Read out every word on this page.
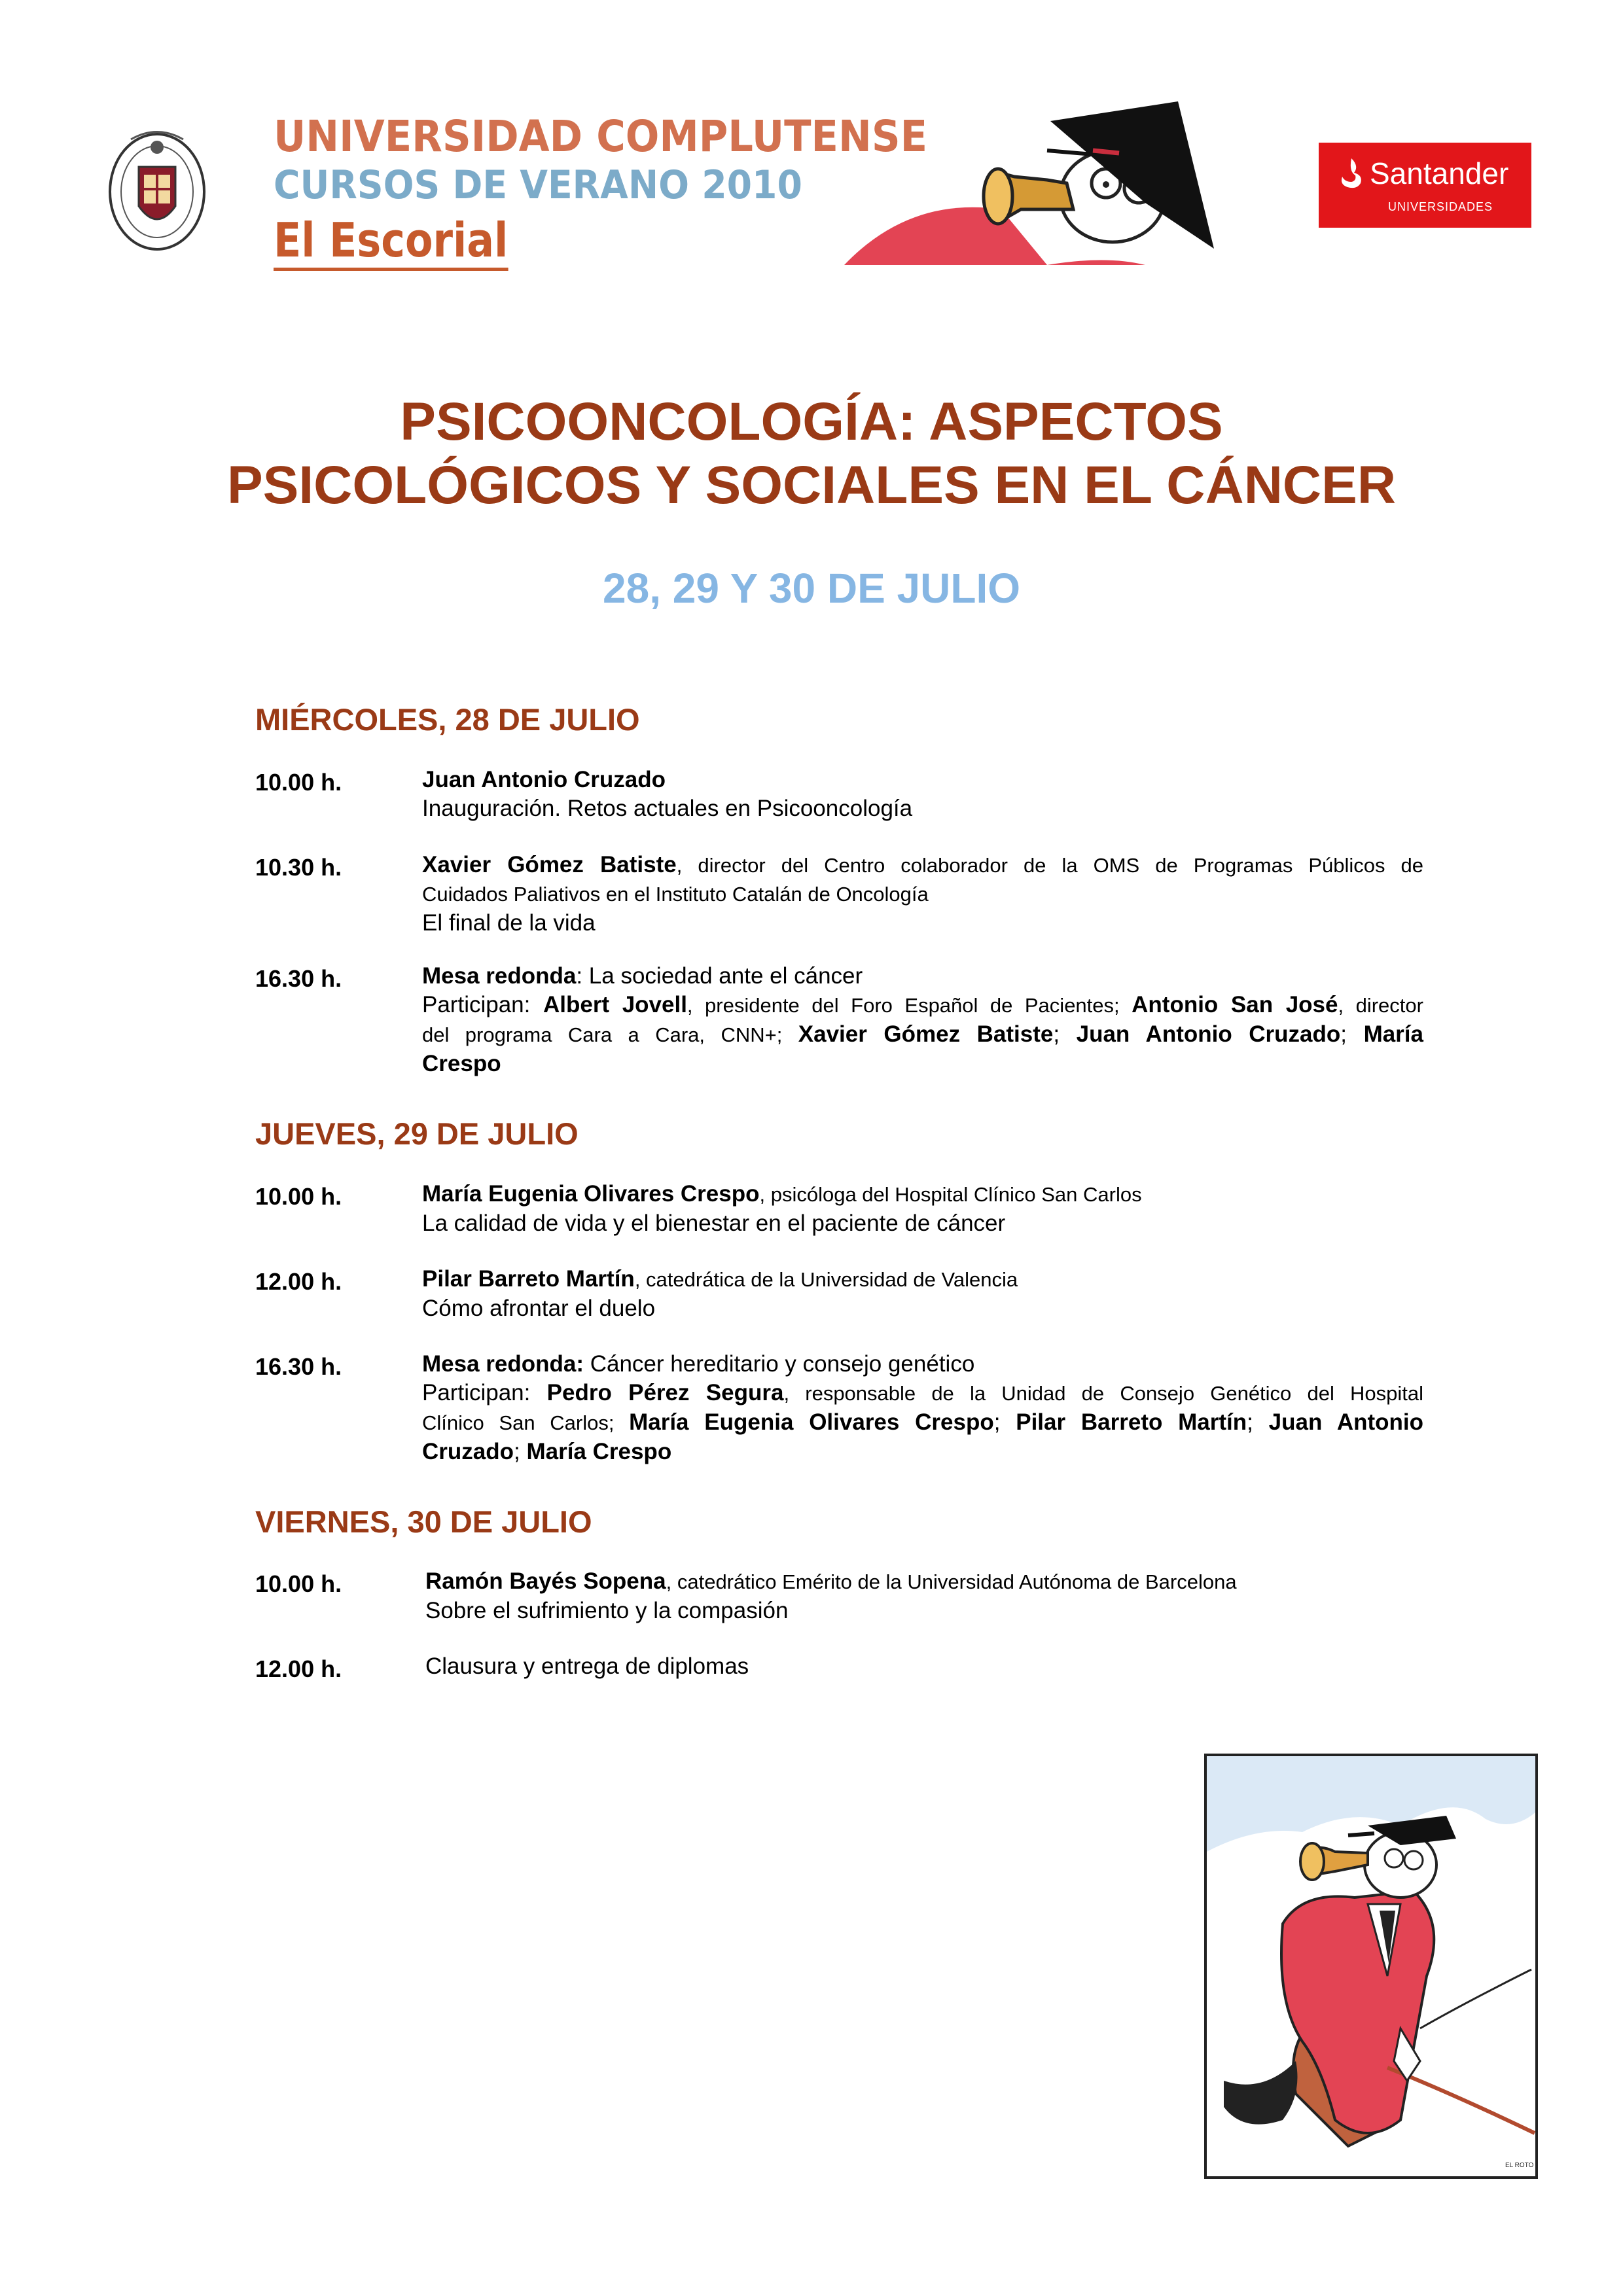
UNIVERSIDAD COMPLUTENSE
CURSOS DE VERANO 2010
El Escorial
Santander
UNIVERSIDADES
PSICOONCOLOGÍA: ASPECTOS
PSICOLÓGICOS Y SOCIALES EN EL CÁNCER
28, 29 Y 30 DE JULIO
MIÉRCOLES, 28 DE JULIO
10.00 h.	Juan Antonio Cruzado
Inauguración. Retos actuales en Psicooncología
10.30 h.	Xavier Gómez Batiste, director del Centro colaborador de la OMS de Programas Públicos de
Cuidados Paliativos en el Instituto Catalán de Oncología
El final de la vida
16.30 h.	Mesa redonda: La sociedad ante el cáncer
Participan: Albert Jovell, presidente del Foro Español de Pacientes; Antonio San José, director
del programa Cara a Cara, CNN+; Xavier Gómez Batiste; Juan Antonio Cruzado; María
Crespo
JUEVES, 29 DE JULIO
10.00 h.	María Eugenia Olivares Crespo, psicóloga del Hospital Clínico San Carlos
La calidad de vida y el bienestar en el paciente de cáncer
12.00 h.	Pilar Barreto Martín, catedrática de la Universidad de Valencia
Cómo afrontar el duelo
16.30 h.	Mesa redonda: Cáncer hereditario y consejo genético
Participan: Pedro Pérez Segura, responsable de la Unidad de Consejo Genético del Hospital
Clínico San Carlos; María Eugenia Olivares Crespo; Pilar Barreto Martín; Juan Antonio
Cruzado; María Crespo
VIERNES, 30 DE JULIO
10.00 h.	Ramón Bayés Sopena, catedrático Emérito de la Universidad Autónoma de Barcelona
Sobre el sufrimiento y la compasión
12.00 h.	Clausura y entrega de diplomas
EL ROTO
